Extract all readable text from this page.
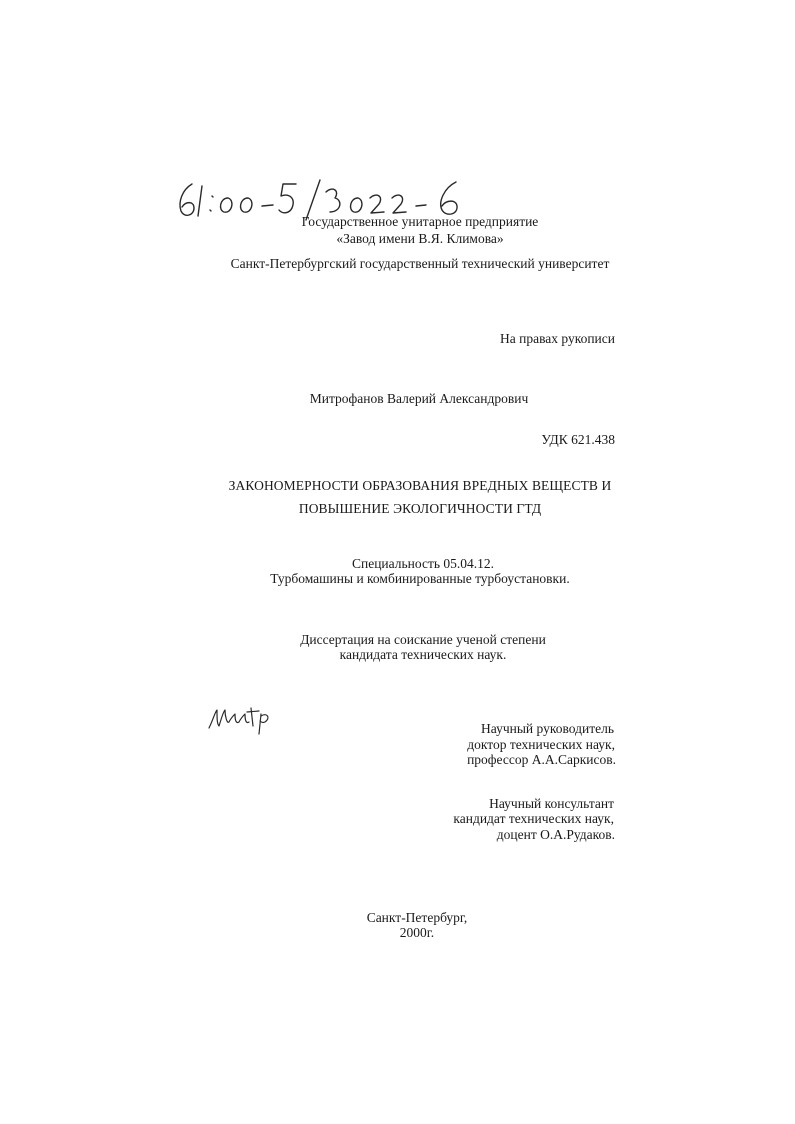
Государственное унитарное предприятие
«Завод имени В.Я. Климова»
Санкт-Петербургский государственный технический университет
На правах рукописи
Митрофанов Валерий Александрович
УДК 621.438
ЗАКОНОМЕРНОСТИ ОБРАЗОВАНИЯ ВРЕДНЫХ ВЕЩЕСТВ И
ПОВЫШЕНИЕ ЭКОЛОГИЧНОСТИ ГТД
Специальность 05.04.12.
Турбомашины и комбинированные турбоустановки.
Диссертация на соискание ученой степени
кандидата технических наук.
Научный руководитель
доктор технических наук,
профессор А.А.Саркисов.
Научный консультант
кандидат технических наук,
доцент О.А.Рудаков.
Санкт-Петербург,
2000г.
